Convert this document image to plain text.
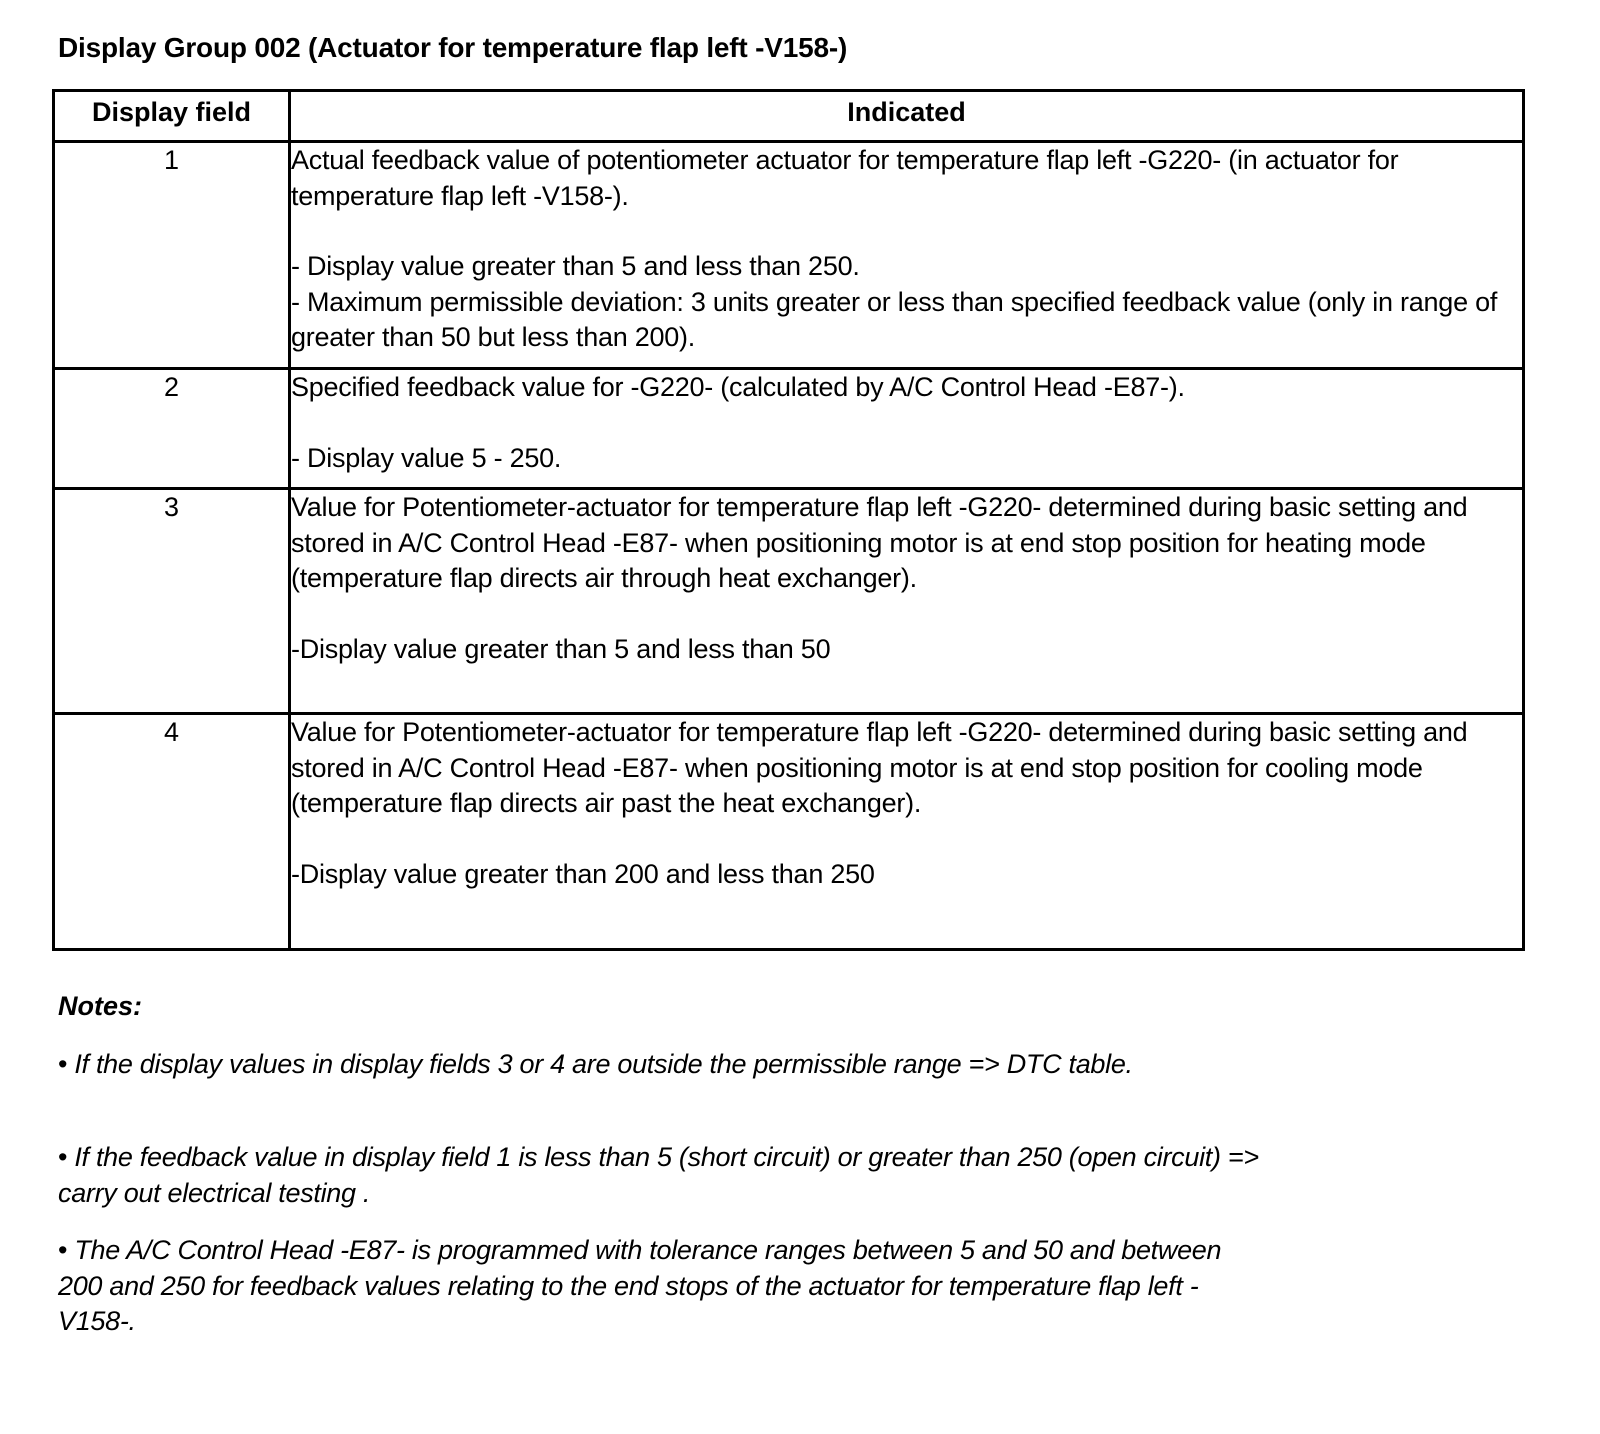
Display Group 002 (Actuator for temperature flap left -V158-)
Display field	Indicated
1	Actual feedback value of potentiometer actuator for temperature flap left -G220- (in actuator for temperature flap left -V158-).

- Display value greater than 5 and less than 250.

- Maximum permissible deviation: 3 units greater or less than specified feedback value (only in range of greater than 50 but less than 200).

2	Specified feedback value for -G220- (calculated by A/C Control Head -E87-).

- Display value 5 - 250.

3	Value for Potentiometer-actuator for temperature flap left -G220- determined during basic setting and stored in A/C Control Head -E87- when positioning motor is at end stop position for heating mode (temperature flap directs air through heat exchanger).

-Display value greater than 5 and less than 50

4	Value for Potentiometer-actuator for temperature flap left -G220- determined during basic setting and stored in A/C Control Head -E87- when positioning motor is at end stop position for cooling mode (temperature flap directs air past the heat exchanger).

-Display value greater than 200 and less than 250

Notes:
• If the display values in display fields 3 or 4 are outside the permissible range => DTC table.
• If the feedback value in display field 1 is less than 5 (short circuit) or greater than 250 (open circuit) => carry out electrical testing .
• The A/C Control Head -E87- is programmed with tolerance ranges between 5 and 50 and between 200 and 250 for feedback values relating to the end stops of the actuator for temperature flap left -V158-.
